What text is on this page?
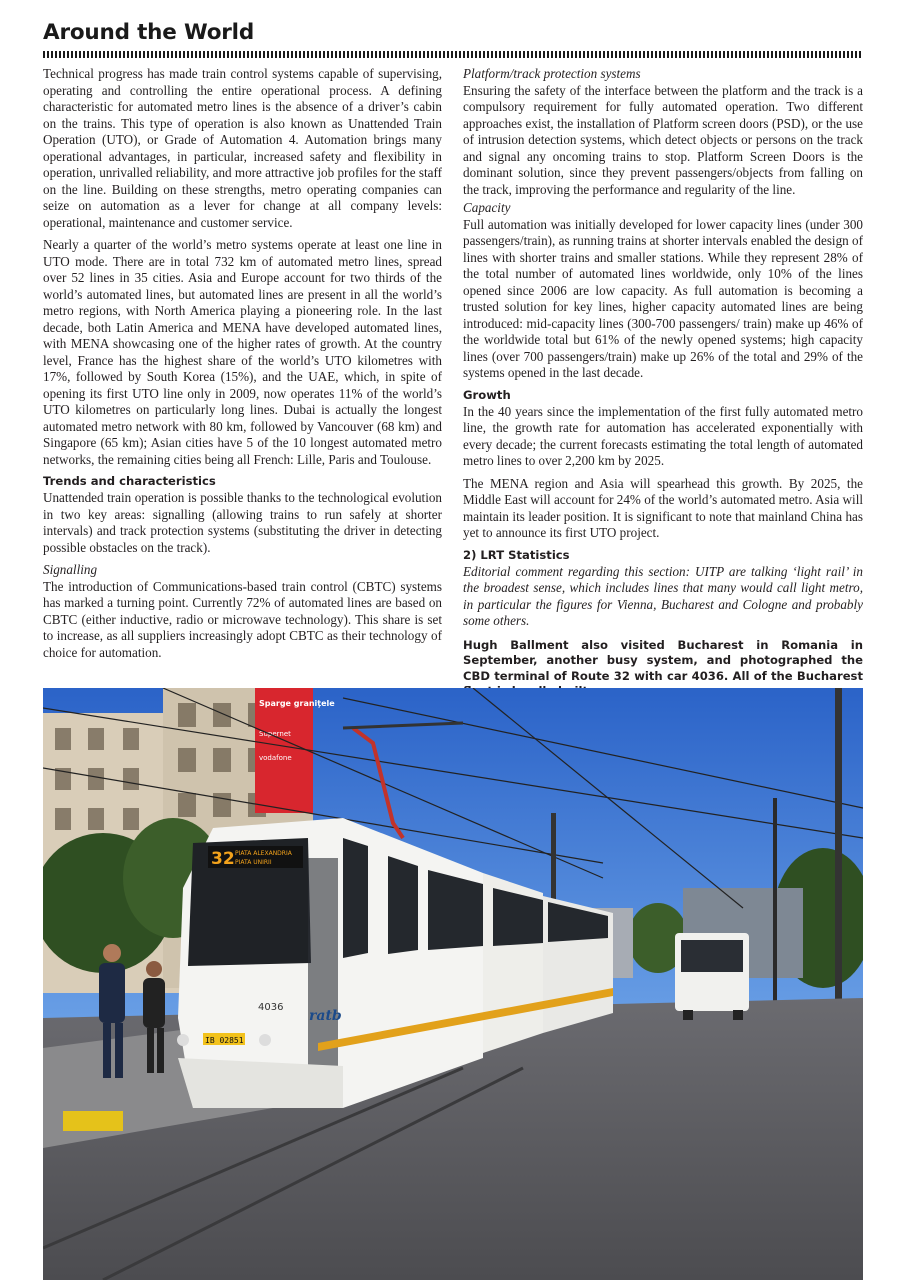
Around the World

Technical progress has made train control systems capable of supervising, operating and controlling the entire operational process. A defining characteristic for automated metro lines is the absence of a driver’s cabin on the trains. This type of operation is also known as Unattended Train Operation (UTO), or Grade of Automation 4. Automation brings many operational advantages, in particular, increased safety and flexibility in operation, unrivalled reliability, and more attractive job profiles for the staff on the line. Building on these strengths, metro operating companies can seize on automation as a lever for change at all company levels: operational, maintenance and customer service.

Nearly a quarter of the world’s metro systems operate at least one line in UTO mode. There are in total 732 km of automated metro lines, spread over 52 lines in 35 cities. Asia and Europe account for two thirds of the world’s automated lines, but automated lines are present in all the world’s metro regions, with North America playing a pioneering role. In the last decade, both Latin America and MENA have developed automated lines, with MENA showcasing one of the higher rates of growth. At the country level, France has the highest share of the world’s UTO kilometres with 17%, followed by South Korea (15%), and the UAE, which, in spite of opening its first UTO line only in 2009, now operates 11% of the world’s UTO kilometres on particularly long lines. Dubai is actually the longest automated metro network with 80 km, followed by Vancouver (68 km) and Singapore (65 km); Asian cities have 5 of the 10 longest automated metro networks, the remaining cities being all French: Lille, Paris and Toulouse.

Trends and characteristics

Unattended train operation is possible thanks to the technological evolution in two key areas: signalling (allowing trains to run safely at shorter intervals) and track protection systems (substituting the driver in detecting possible obstacles on the track).

Signalling

The introduction of Communications-based train control (CBTC) systems has marked a turning point. Currently 72% of automated lines are based on CBTC (either inductive, radio or microwave technology). This share is set to increase, as all suppliers increasingly adopt CBTC as their technology of choice for automation.

Platform/track protection systems

Ensuring the safety of the interface between the platform and the track is a compulsory requirement for fully automated operation. Two different approaches exist, the installation of Platform screen doors (PSD), or the use of intrusion detection systems, which detect objects or persons on the track and signal any oncoming trains to stop. Platform Screen Doors is the dominant solution, since they prevent passengers/objects from falling on the track, improving the performance and regularity of the line.

Capacity

Full automation was initially developed for lower capacity lines (under 300 passengers/train), as running trains at shorter intervals enabled the design of lines with shorter trains and smaller stations. While they represent 28% of the total number of automated lines worldwide, only 10% of the lines opened since 2006 are low capacity. As full automation is becoming a trusted solution for key lines, higher capacity automated lines are being introduced: mid-capacity lines (300-700 passengers/ train) make up 46% of the worldwide total but 61% of the newly opened systems; high capacity lines (over 700 passengers/train) make up 26% of the total and 29% of the systems opened in the last decade.

Growth

In the 40 years since the implementation of the first fully automated metro line, the growth rate for automation has accelerated exponentially with every decade; the current forecasts estimating the total length of automated metro lines to over 2,200 km by 2025.

The MENA region and Asia will spearhead this growth. By 2025, the Middle East will account for 24% of the world’s automated metro. Asia will maintain its leader position. It is significant to note that mainland China has yet to announce its first UTO project.

2) LRT Statistics

Editorial comment regarding this section: UITP are talking ‘light rail’ in the broadest sense, which includes lines that many would call light metro, in particular the figures for Vienna, Bucharest and Cologne and probably some others.

Hugh Ballment also visited Bucharest in Romania in September, another busy system, and photographed the CBD terminal of Route 32 with car 4036. All of the Bucharest
Sparge graniţele
Supernet
vodafone
32 PIATA ALEXANDRIA
PIATA UNIRII
IB 02851
4036
ratb
